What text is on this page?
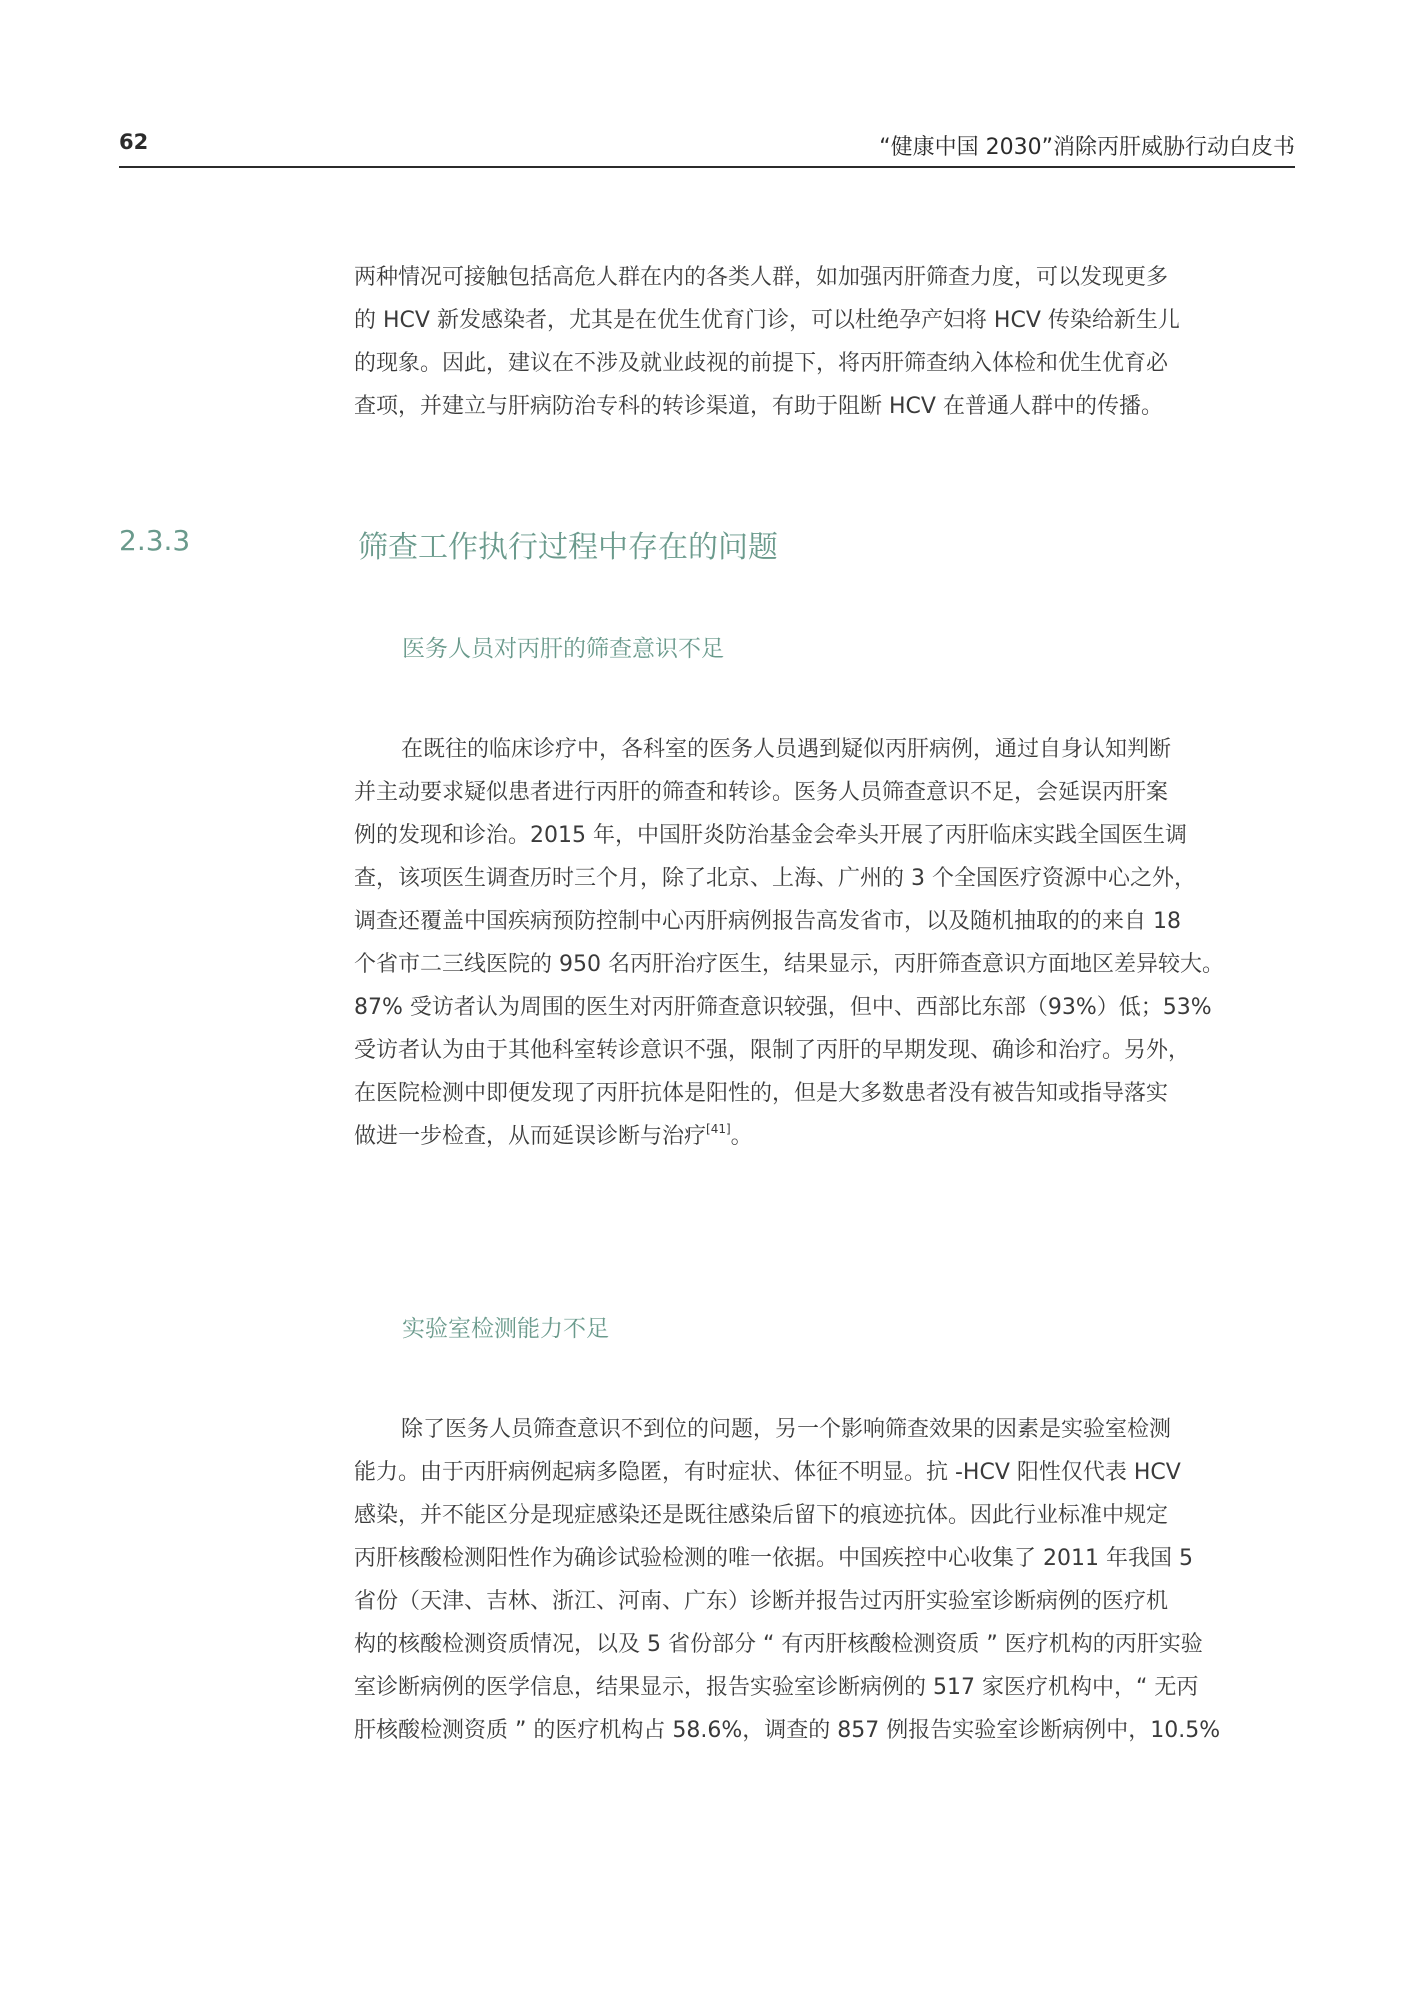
62	“健康中国 2030”消除丙肝威胁行动白皮书
两种情况可接触包括高危人群在内的各类人群，如加强丙肝筛查力度，可以发现更多
的 HCV 新发感染者，尤其是在优生优育门诊，可以杜绝孕产妇将 HCV 传染给新生儿
的现象。因此，建议在不涉及就业歧视的前提下，将丙肝筛查纳入体检和优生优育必
查项，并建立与肝病防治专科的转诊渠道，有助于阻断 HCV 在普通人群中的传播。
2.3.3	筛查工作执行过程中存在的问题
医务人员对丙肝的筛查意识不足
在既往的临床诊疗中，各科室的医务人员遇到疑似丙肝病例，通过自身认知判断
并主动要求疑似患者进行丙肝的筛查和转诊。医务人员筛查意识不足，会延误丙肝案
例的发现和诊治。2015 年，中国肝炎防治基金会牵头开展了丙肝临床实践全国医生调
查，该项医生调查历时三个月，除了北京、上海、广州的 3 个全国医疗资源中心之外，
调查还覆盖中国疾病预防控制中心丙肝病例报告高发省市，以及随机抽取的的来自 18
个省市二三线医院的 950 名丙肝治疗医生，结果显示，丙肝筛查意识方面地区差异较大。
87% 受访者认为周围的医生对丙肝筛查意识较强，但中、西部比东部（93%）低；53%
受访者认为由于其他科室转诊意识不强，限制了丙肝的早期发现、确诊和治疗。另外，
在医院检测中即便发现了丙肝抗体是阳性的，但是大多数患者没有被告知或指导落实
做进一步检查，从而延误诊断与治疗[41]。
实验室检测能力不足
除了医务人员筛查意识不到位的问题，另一个影响筛查效果的因素是实验室检测
能力。由于丙肝病例起病多隐匿，有时症状、体征不明显。抗 -HCV 阳性仅代表 HCV
感染，并不能区分是现症感染还是既往感染后留下的痕迹抗体。因此行业标准中规定
丙肝核酸检测阳性作为确诊试验检测的唯一依据。中国疾控中心收集了 2011 年我国 5
省份（天津、吉林、浙江、河南、广东）诊断并报告过丙肝实验室诊断病例的医疗机
构的核酸检测资质情况，以及 5 省份部分 “ 有丙肝核酸检测资质 ” 医疗机构的丙肝实验
室诊断病例的医学信息，结果显示，报告实验室诊断病例的 517 家医疗机构中，“ 无丙
肝核酸检测资质 ” 的医疗机构占 58.6%，调查的 857 例报告实验室诊断病例中，10.5%
